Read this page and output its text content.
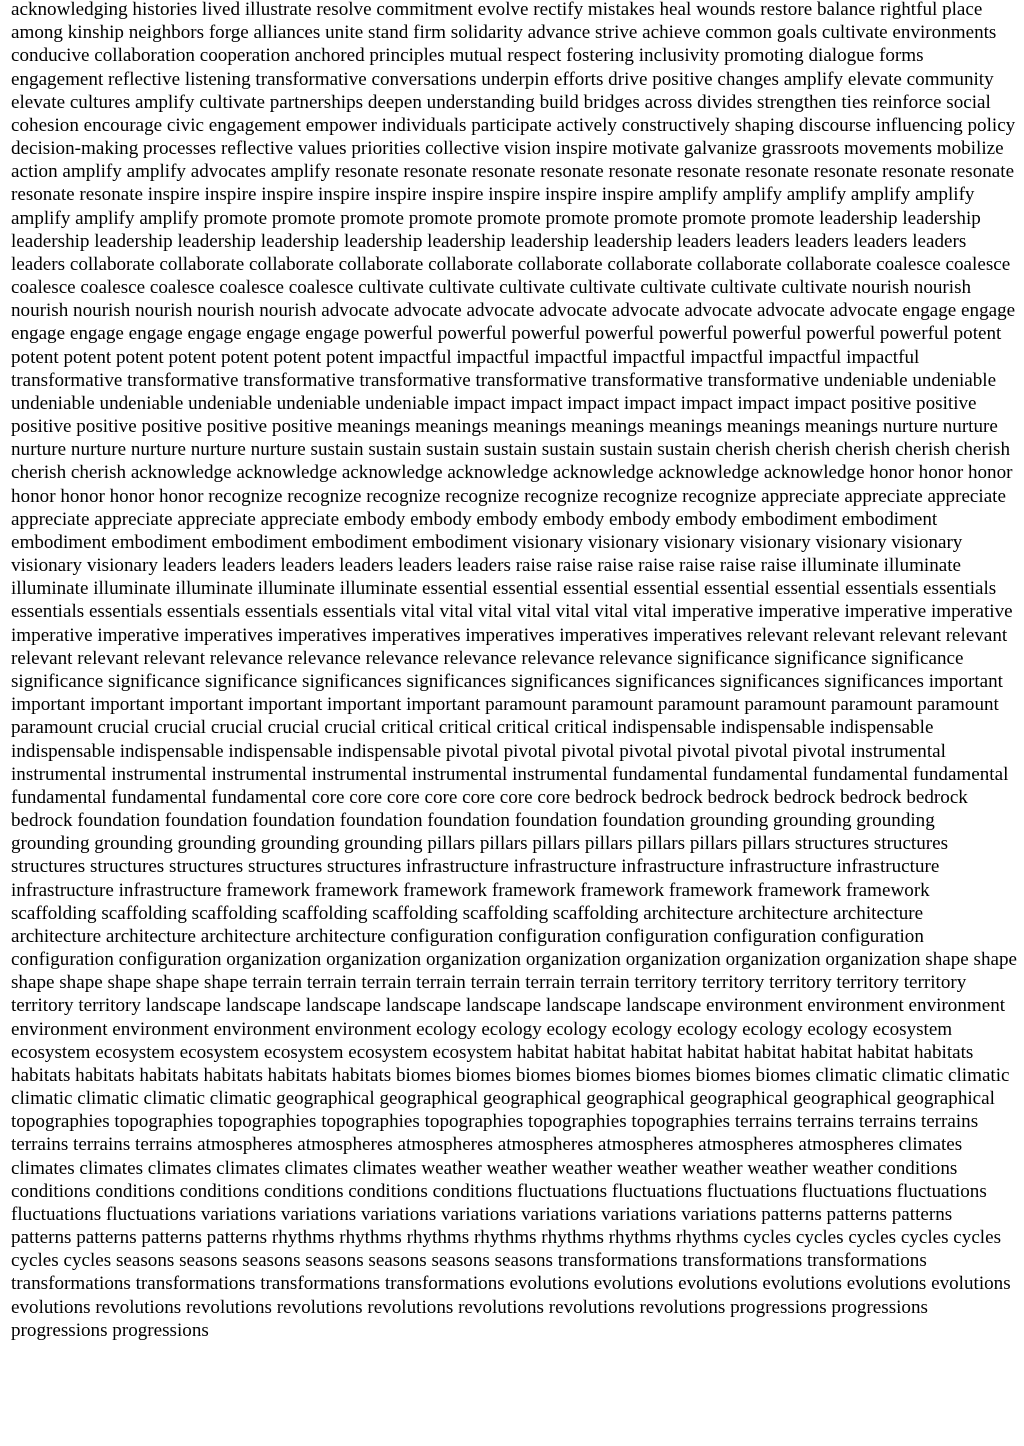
acknowledging histories lived illustrate resolve commitment evolve rectify mistakes heal wounds restore balance rightful place among kinship neighbors forge alliances unite stand firm solidarity advance strive achieve common goals cultivate environments conducive collaboration cooperation anchored principles mutual respect fostering inclusivity promoting dialogue forms engagement reflective listening transformative conversations underpin efforts drive positive changes amplify elevate community elevate cultures amplify cultivate partnerships deepen understanding build bridges across divides strengthen ties reinforce social cohesion encourage civic engagement empower individuals participate actively constructively shaping discourse influencing policy decision-making processes reflective values priorities collective vision inspire motivate galvanize grassroots movements mobilize action amplify amplify advocates amplify resonate resonate resonate resonate resonate resonate resonate resonate resonate resonate resonate resonate inspire inspire inspire inspire inspire inspire inspire inspire inspire amplify amplify amplify amplify amplify amplify amplify amplify promote promote promote promote promote promote promote promote promote leadership leadership leadership leadership leadership leadership leadership leadership leadership leadership leaders leaders leaders leaders leaders leaders collaborate collaborate collaborate collaborate collaborate collaborate collaborate collaborate collaborate coalesce coalesce coalesce coalesce coalesce coalesce coalesce cultivate cultivate cultivate cultivate cultivate cultivate cultivate nourish nourish nourish nourish nourish nourish nourish advocate advocate advocate advocate advocate advocate advocate advocate engage engage engage engage engage engage engage engage powerful powerful powerful powerful powerful powerful powerful powerful potent potent potent potent potent potent potent potent impactful impactful impactful impactful impactful impactful impactful transformative transformative transformative transformative transformative transformative transformative undeniable undeniable undeniable undeniable undeniable undeniable undeniable impact impact impact impact impact impact impact positive positive positive positive positive positive positive meanings meanings meanings meanings meanings meanings meanings nurture nurture nurture nurture nurture nurture nurture sustain sustain sustain sustain sustain sustain sustain cherish cherish cherish cherish cherish cherish cherish acknowledge acknowledge acknowledge acknowledge acknowledge acknowledge acknowledge honor honor honor honor honor honor honor recognize recognize recognize recognize recognize recognize recognize appreciate appreciate appreciate appreciate appreciate appreciate appreciate embody embody embody embody embody embody embodiment embodiment embodiment embodiment embodiment embodiment embodiment visionary visionary visionary visionary visionary visionary visionary visionary leaders leaders leaders leaders leaders leaders raise raise raise raise raise raise raise illuminate illuminate illuminate illuminate illuminate illuminate illuminate essential essential essential essential essential essential essentials essentials essentials essentials essentials essentials essentials vital vital vital vital vital vital vital imperative imperative imperative imperative imperative imperative imperatives imperatives imperatives imperatives imperatives imperatives relevant relevant relevant relevant relevant relevant relevant relevance relevance relevance relevance relevance relevance significance significance significance significance significance significance significances significances significances significances significances significances important important important important important important important paramount paramount paramount paramount paramount paramount paramount crucial crucial crucial crucial crucial critical critical critical critical indispensable indispensable indispensable indispensable indispensable indispensable indispensable pivotal pivotal pivotal pivotal pivotal pivotal pivotal instrumental instrumental instrumental instrumental instrumental instrumental instrumental fundamental fundamental fundamental fundamental fundamental fundamental fundamental core core core core core core core bedrock bedrock bedrock bedrock bedrock bedrock bedrock foundation foundation foundation foundation foundation foundation foundation grounding grounding grounding grounding grounding grounding grounding grounding pillars pillars pillars pillars pillars pillars pillars structures structures structures structures structures structures structures infrastructure infrastructure infrastructure infrastructure infrastructure infrastructure infrastructure framework framework framework framework framework framework framework framework scaffolding scaffolding scaffolding scaffolding scaffolding scaffolding scaffolding architecture architecture architecture architecture architecture architecture architecture configuration configuration configuration configuration configuration configuration configuration organization organization organization organization organization organization organization shape shape shape shape shape shape shape terrain terrain terrain terrain terrain terrain terrain territory territory territory territory territory territory territory landscape landscape landscape landscape landscape landscape landscape environment environment environment environment environment environment environment ecology ecology ecology ecology ecology ecology ecology ecosystem ecosystem ecosystem ecosystem ecosystem ecosystem ecosystem habitat habitat habitat habitat habitat habitat habitat habitats habitats habitats habitats habitats habitats habitats biomes biomes biomes biomes biomes biomes biomes climatic climatic climatic climatic climatic climatic climatic geographical geographical geographical geographical geographical geographical geographical topographies topographies topographies topographies topographies topographies topographies terrains terrains terrains terrains terrains terrains terrains atmospheres atmospheres atmospheres atmospheres atmospheres atmospheres atmospheres climates climates climates climates climates climates climates weather weather weather weather weather weather weather conditions conditions conditions conditions conditions conditions conditions fluctuations fluctuations fluctuations fluctuations fluctuations fluctuations fluctuations variations variations variations variations variations variations variations patterns patterns patterns patterns patterns patterns patterns rhythms rhythms rhythms rhythms rhythms rhythms rhythms cycles cycles cycles cycles cycles cycles cycles seasons seasons seasons seasons seasons seasons seasons transformations transformations transformations transformations transformations transformations transformations evolutions evolutions evolutions evolutions evolutions evolutions evolutions revolutions revolutions revolutions revolutions revolutions revolutions revolutions progressions progressions progressions progressions
